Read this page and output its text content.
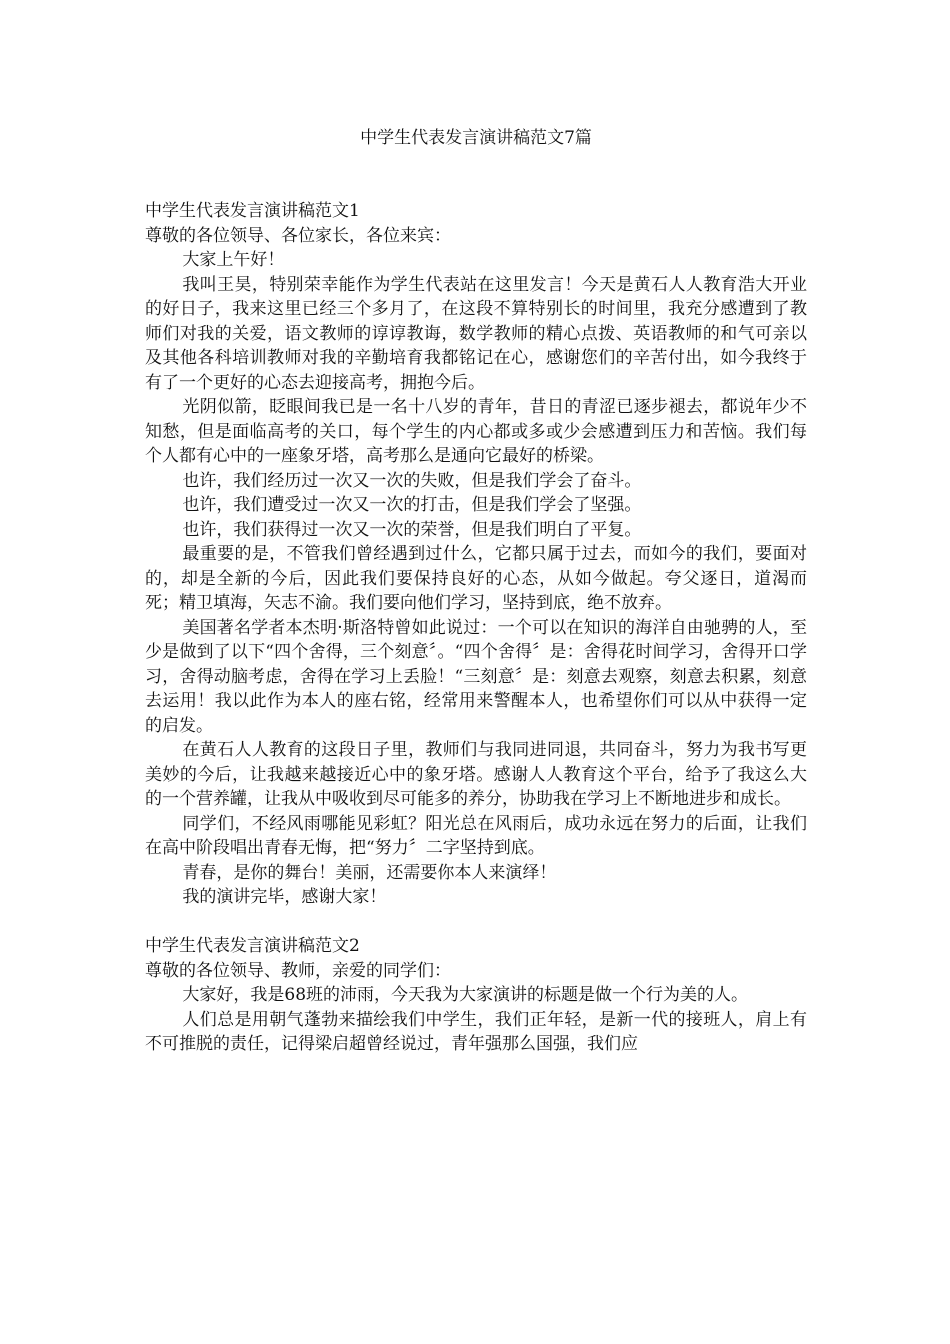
中学生代表发言演讲稿范文7篇
中学生代表发言演讲稿范文1

尊敬的各位领导、各位家长，各位来宾：

大家上午好！

我叫王昊，特别荣幸能作为学生代表站在这里发言！今天是黄石人人教育浩大开业的好日子，我来这里已经三个多月了，在这段不算特别长的时间里，我充分感遭到了教师们对我的关爱，语文教师的谆谆教诲，数学教师的精心点拨、英语教师的和气可亲以及其他各科培训教师对我的辛勤培育我都铭记在心，感谢您们的辛苦付出，如今我终于有了一个更好的心态去迎接高考，拥抱今后。

光阴似箭，眨眼间我已是一名十八岁的青年，昔日的青涩已逐步褪去，都说年少不知愁，但是面临高考的关口，每个学生的内心都或多或少会感遭到压力和苦恼。我们每个人都有心中的一座象牙塔，高考那么是通向它最好的桥梁。

也许，我们经历过一次又一次的失败，但是我们学会了奋斗。

也许，我们遭受过一次又一次的打击，但是我们学会了坚强。

也许，我们获得过一次又一次的荣誉，但是我们明白了平复。

最重要的是，不管我们曾经遇到过什么，它都只属于过去，而如今的我们，要面对的，却是全新的今后，因此我们要保持良好的心态，从如今做起。夸父逐日，道渴而死；精卫填海，矢志不渝。我们要向他们学习，坚持到底，绝不放弃。

美国著名学者本杰明·斯洛特曾如此说过：一个可以在知识的海洋自由驰骋的人，至少是做到了以下“四个舍得，三个刻意〞。“四个舍得〞是：舍得花时间学习，舍得开口学习，舍得动脑考虑，舍得在学习上丢脸！“三刻意〞是：刻意去观察，刻意去积累，刻意去运用！我以此作为本人的座右铭，经常用来警醒本人，也希望你们可以从中获得一定的启发。

在黄石人人教育的这段日子里，教师们与我同进同退，共同奋斗，努力为我书写更美妙的今后，让我越来越接近心中的象牙塔。感谢人人教育这个平台，给予了我这么大的一个营养罐，让我从中吸收到尽可能多的养分，协助我在学习上不断地进步和成长。

同学们，不经风雨哪能见彩虹？阳光总在风雨后，成功永远在努力的后面，让我们在高中阶段唱出青春无悔，把“努力〞二字坚持到底。

青春，是你的舞台！美丽，还需要你本人来演绎！

我的演讲完毕，感谢大家！

中学生代表发言演讲稿范文2

尊敬的各位领导、教师，亲爱的同学们：

大家好，我是68班的沛雨，今天我为大家演讲的标题是做一个行为美的人。

人们总是用朝气蓬勃来描绘我们中学生，我们正年轻，是新一代的接班人，肩上有不可推脱的责任，记得梁启超曾经说过，青年强那么国强，我们应
